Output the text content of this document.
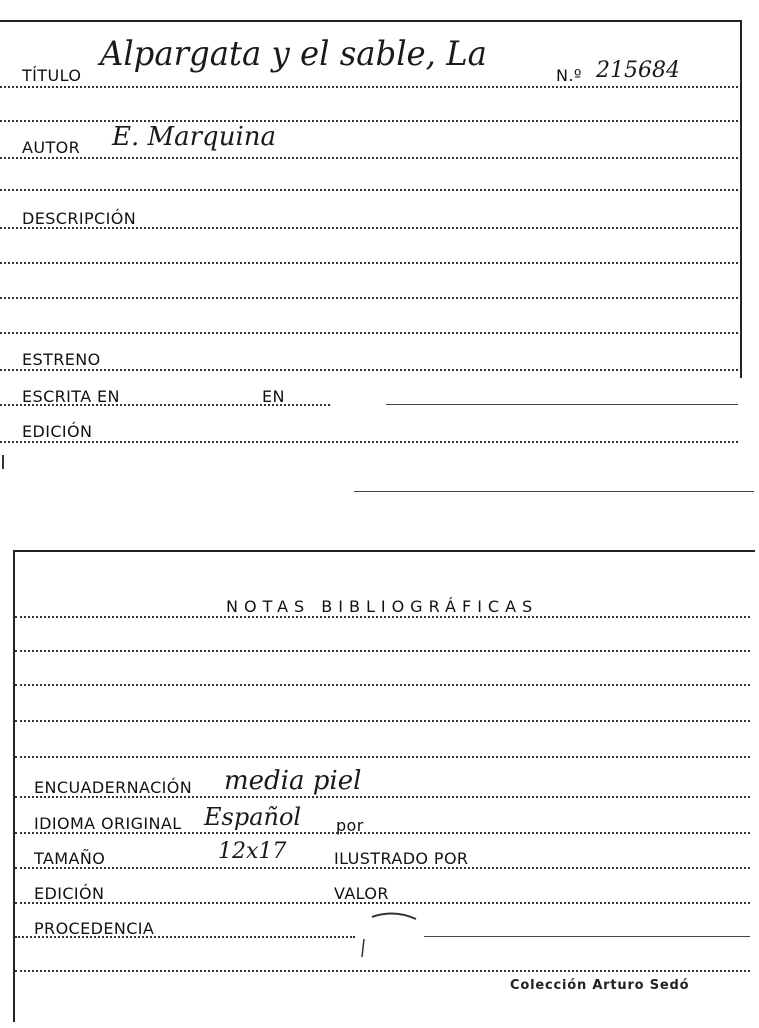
TÍTULO
Alpargata y el sable, La
N.º 215684
AUTOR E. Marquina
DESCRIPCIÓN
ESTRENO
ESCRITA EN	EN
EDICIÓN
NOTAS BIBLIOGRÁFICAS
ENCUADERNACIÓN media piel
IDIOMA ORIGINAL Español por
TAMAÑO	12x17	ILUSTRADO POR
EDICIÓN	VALOR
PROCEDENCIA
Colección Arturo Sedó
